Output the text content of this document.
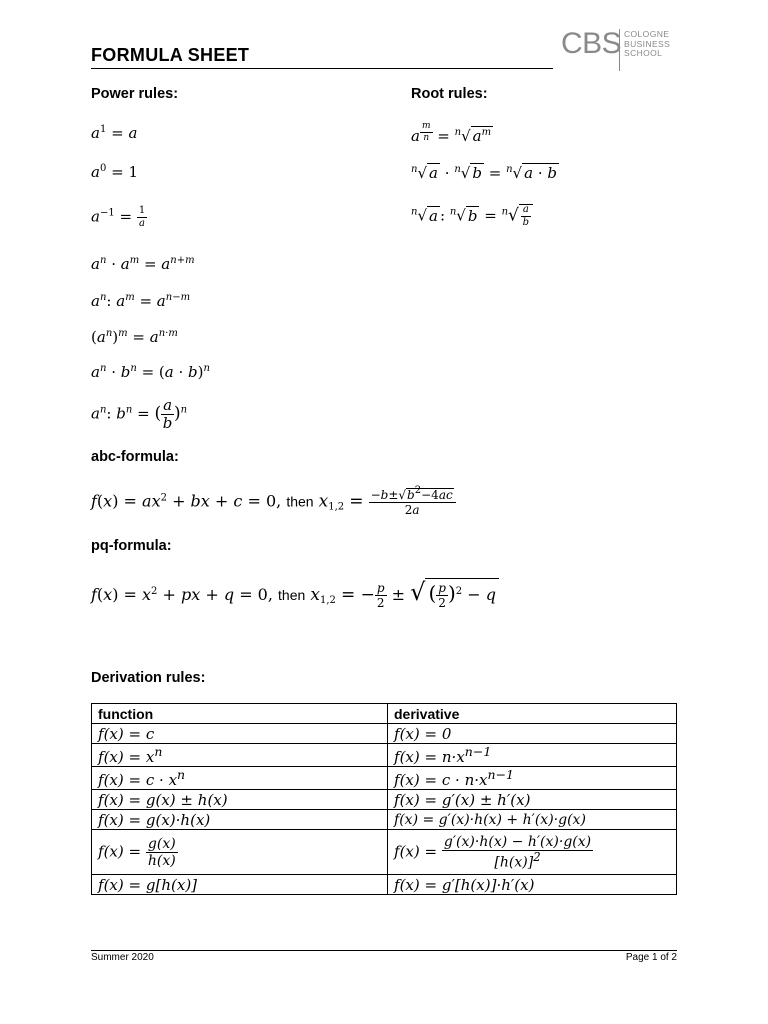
FORMULA SHEET	CBS COLOGNE
BUSINESS
SCHOOL
Power rules:
$a^1 = a$
$a^0 = 1$
$a^{-1} = \frac{1}{a}$
$a^n \cdot a^m = a^{n+m}$
$a^n$: $a^m = a^{n-m}$
$(a^n)^m = a^{n\cdot m}$
$a^n \cdot b^n = (a \cdot b)^n$
$a^n$: $b^n$ = ( $\frac{a}{b} )^n$
Root rules:
a $^{\frac{m}{n}}$ = $^n$√ $a^m$
$^n$√ a · $^n$√ b = $^n$√ a · b
$^n$√ a : $^n$√ $b = ^n√ \frac{a}{b}$
abc-formula:
$f(x) = ax^2$ + bx + c = 0, then $x_{1,2} = \frac{-b\pm√b^2-4ac}{2a}$
pq-formula:
$f(x) = x^2$ + px + q = 0, then $x_{1,2}$ = − $\frac{p}{2}$ ± √ ( $\frac{p}{2} )^2 - q$
Derivation rules:
function	derivative
f(x) = c	f(x) = 0
$f(x) = x^n$	$f(x) = n\cdot x^{n-1}$
$f(x) = c \cdot x^n$	$f(x) = c \cdot n\cdot x^{n-1}$
f(x) = g(x) ± h(x)	f(x) = g′(x) ± h′(x)
f(x) = g(x)·h(x)	f(x) = g′(x)·h(x) + h′(x)·g(x)
$f(x) = \frac{g(x)}{h(x)}$	$f(x) = \frac{g'(x)\cdot h(x) - h'(x)\cdot g(x)}{[h(x)]^2}$

f(x) = g[h(x)]	f(x) = g′[h(x)]·h′(x)
Summer 2020	Page 1 of 2
